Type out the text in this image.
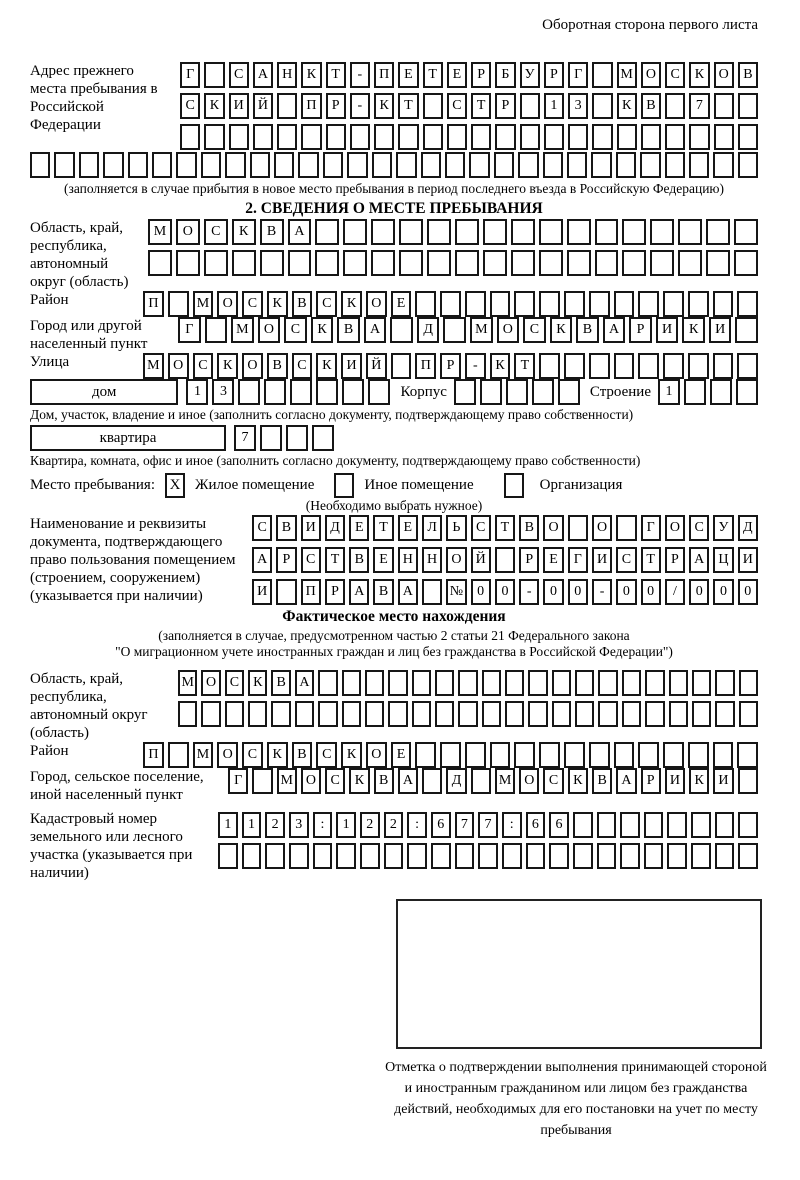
Оборотная сторона первого листа
Адрес прежнего места пребывания в Российской Федерации
Г	С	А	Н	К	Т	-	П	Е	Т	Е	Р	Б	У	Р	Г	М О	С	К	О	В
С	К	И	Й	П	Р	-	К	Т	С	Т	Р	1	3	К	В	7
(заполняется в случае прибытия в новое место пребывания в период последнего въезда в Российскую Федерацию)
2. СВЕДЕНИЯ О МЕСТЕ ПРЕБЫВАНИЯ
Область, край, республика, автономный округ (область)
М	О	С	К	В	А
Район	П	М О	С	К	В	С	К	О	Е
Город или другой населенный пункт
Г	М	О	С	К	В	А	Д	М	О	С	К	В	А	Р	И	К	И
Улица	М О	С	К	О	В	С	К	И	Й	П	Р	-	К	Т
дом	1	3	Корпус	Строение	1
Дом, участок, владение и иное (заполнить согласно документу, подтверждающему право собственности)
квартира	7
Квартира, комната, офис и иное (заполнить согласно документу, подтверждающему право собственности)
Место пребывания: X Жилое помещение	Иное помещение	Организация
(Необходимо выбрать нужное)
Наименование и реквизиты документа, подтверждающего право пользования помещением (строением, сооружением) (указывается при наличии)
С	В	И	Д	Е	Т	Е	Л	Ь	С	Т	В	О	О	Г	О	С	У	Д
А	Р	С	Т	В	Е	Н	Н	О	Й	Р	Е	Г	И	С	Т	Р	А	Ц	И
И	П	Р	А	В	А	№	0	0	-	0	0	-	0	0	/	0	0	0
Фактическое место нахождения
(заполняется в случае, предусмотренном частью 2 статьи 21 Федерального закона
"О миграционном учете иностранных граждан и лиц без гражданства в Российской Федерации")
Область, край, республика, автономный округ (область)
М О С	К	В А
Район	П	М О	С	К	В	С	К	О	Е
Город, сельское поселение, иной населенный пункт
Г	М О	С	К	В	А	Д	М О	С	К	В	А	Р	И	К	И
Кадастровый номер земельного или лесного участка (указывается при наличии)
1	1	2	3	:	1	2	2	:	6	7	7	:	6	6
Отметка о подтверждении выполнения принимающей стороной и иностранным гражданином или лицом без гражданства действий, необходимых для его постановки на учет по месту пребывания
